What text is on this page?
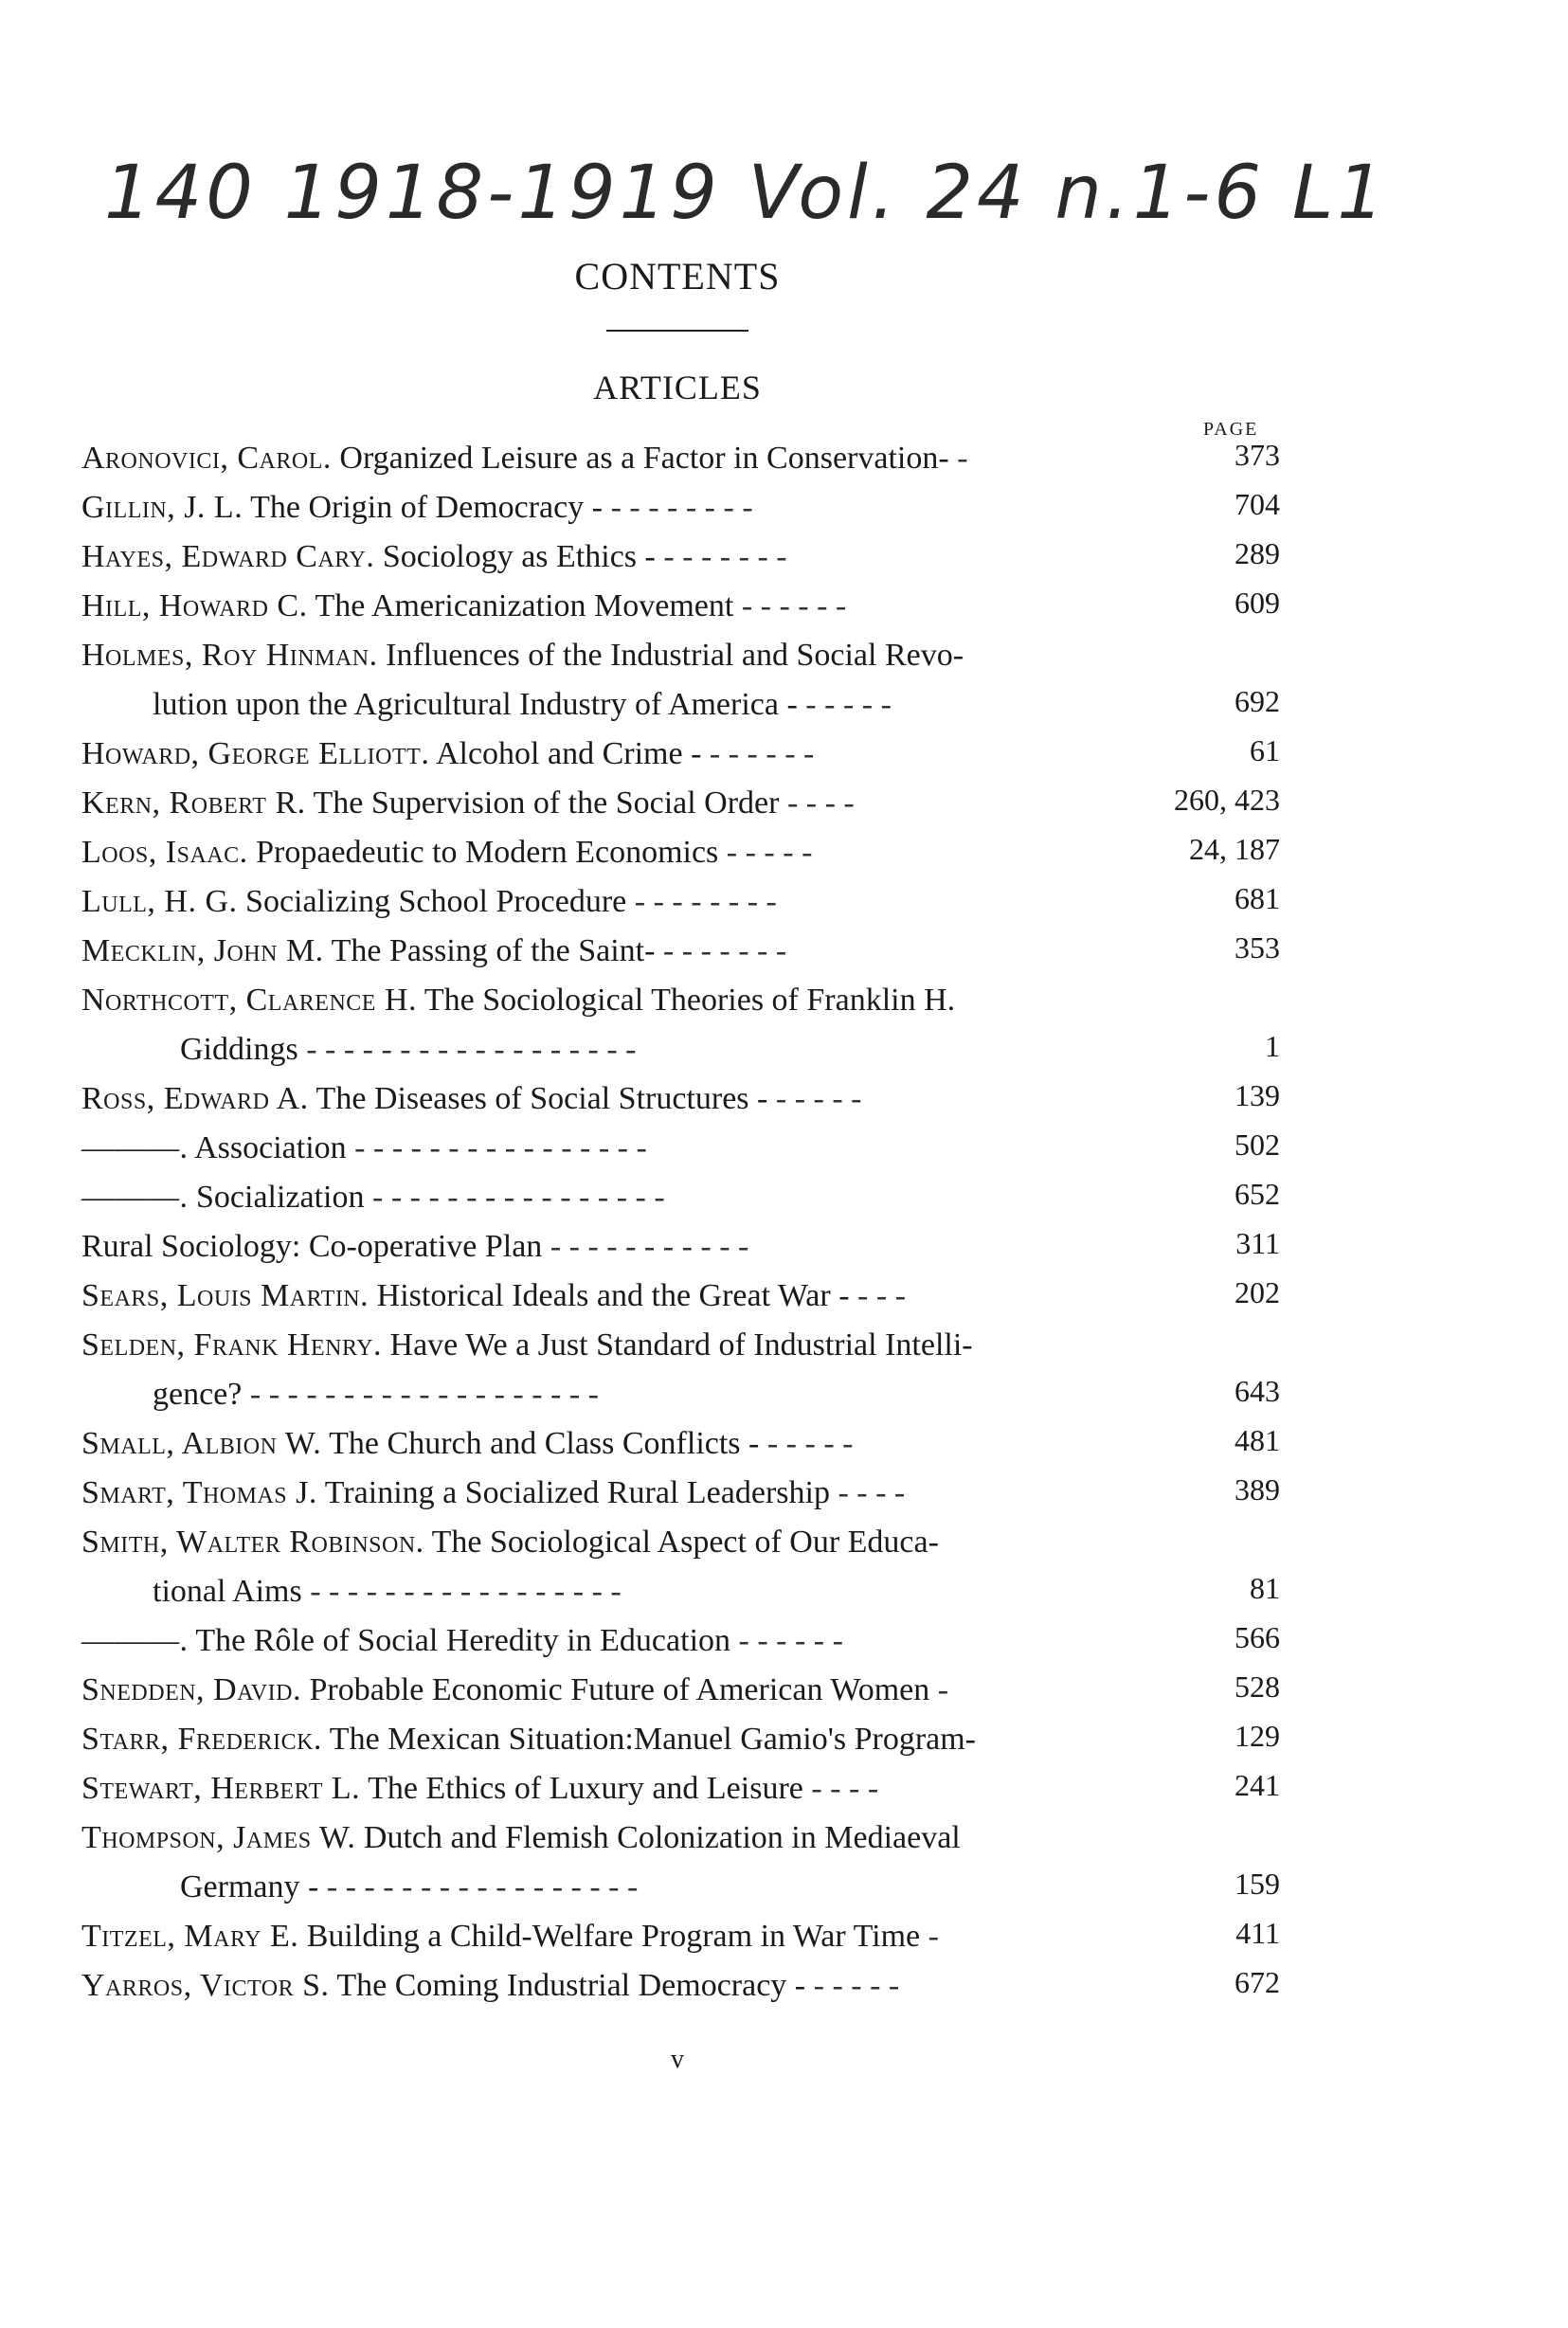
140 1918-1919 Vol. 24 n.1-6 L1
CONTENTS
ARTICLES
PAGE
Aronovici, Carol. Organized Leisure as a Factor in Conservation- -	373
Gillin, J. L. The Origin of Democracy - - - - - - - - -	704
Hayes, Edward Cary. Sociology as Ethics - - - - - - - -	289
Hill, Howard C. The Americanization Movement - - - - - -	609
Holmes, Roy Hinman. Influences of the Industrial and Social Revo-
lution upon the Agricultural Industry of America - - - - - -	692
Howard, George Elliott. Alcohol and Crime - - - - - - -	61
Kern, Robert R. The Supervision of the Social Order - - - -	260, 423
Loos, Isaac. Propaedeutic to Modern Economics - - - - -	24, 187
Lull, H. G. Socializing School Procedure - - - - - - - -	681
Mecklin, John M. The Passing of the Saint- - - - - - - -	353
Northcott, Clarence H. The Sociological Theories of Franklin H.
Giddings - - - - - - - - - - - - - - - - - -	1
Ross, Edward A. The Diseases of Social Structures - - - - - -	139
———. Association - - - - - - - - - - - - - - - -	502
———. Socialization - - - - - - - - - - - - - - - -	652
Rural Sociology: Co-operative Plan - - - - - - - - - - -	311
Sears, Louis Martin. Historical Ideals and the Great War - - - -	202
Selden, Frank Henry. Have We a Just Standard of Industrial Intelli-
gence? - - - - - - - - - - - - - - - - - - -	643
Small, Albion W. The Church and Class Conflicts - - - - - -	481
Smart, Thomas J. Training a Socialized Rural Leadership - - - -	389
Smith, Walter Robinson. The Sociological Aspect of Our Educa-
tional Aims - - - - - - - - - - - - - - - - -	81
———. The Rôle of Social Heredity in Education - - - - - -	566
Snedden, David. Probable Economic Future of American Women -	528
Starr, Frederick. The Mexican Situation:Manuel Gamio's Program-	129
Stewart, Herbert L. The Ethics of Luxury and Leisure - - - -	241
Thompson, James W. Dutch and Flemish Colonization in Mediaeval
Germany - - - - - - - - - - - - - - - - - -	159
Titzel, Mary E. Building a Child-Welfare Program in War Time -	411
Yarros, Victor S. The Coming Industrial Democracy - - - - - -	672
v
